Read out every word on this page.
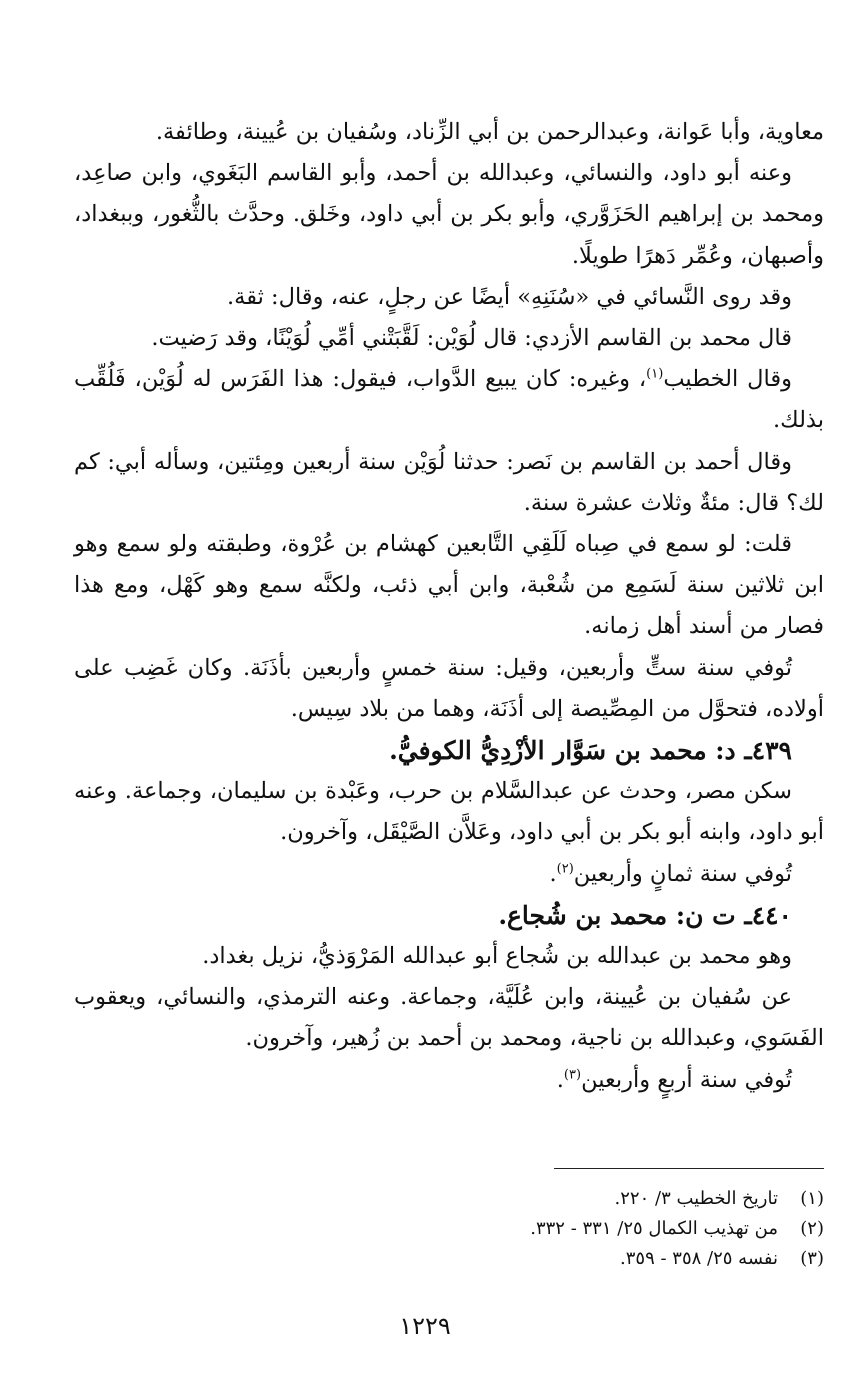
معاوية، وأبا عَوانة، وعبدالرحمن بن أبي الزِّناد، وسُفيان بن عُيينة، وطائفة.

وعنه أبو داود، والنسائي، وعبدالله بن أحمد، وأبو القاسم البَغَوي، وابن صاعِد، ومحمد بن إبراهيم الحَزَوَّري، وأبو بكر بن أبي داود، وخَلق. وحدَّث بالثُّغور، وببغداد، وأصبهان، وعُمِّر دَهرًا طويلًا.

وقد روى النَّسائي في «سُنَنِهِ» أيضًا عن رجلٍ، عنه، وقال: ثقة.

قال محمد بن القاسم الأزدي: قال لُوَيْن: لَقَّبَتْني أمِّي لُوَيْنًا، وقد رَضيت.

وقال الخطيب$^{(١)}$، وغيره: كان يبيع الدَّواب، فيقول: هذا الفَرَس له لُوَيْن، فَلُقِّب بذلك.

وقال أحمد بن القاسم بن نَصر: حدثنا لُوَيْن سنة أربعين ومِئتين، وسأله أبي: كم لك؟ قال: مئةٌ وثلاث عشرة سنة.

قلت: لو سمع في صِباه لَلَقِي التَّابعين كهشام بن عُرْوة، وطبقته ولو سمع وهو ابن ثلاثين سنة لَسَمِع من شُعْبة، وابن أبي ذئب، ولكنَّه سمع وهو كَهْل، ومع هذا فصار من أسند أهل زمانه.

تُوفي سنة ستٍّ وأربعين، وقيل: سنة خمسٍ وأربعين بأذَنَة. وكان غَضِب على أولاده، فتحوَّل من المِصِّيصة إلى أذَنَة، وهما من بلاد سِيس.

٤٣٩ـ د: محمد بن سَوَّار الأزْدِيُّ الكوفيُّ.

سكن مصر، وحدث عن عبدالسَّلام بن حرب، وعَبْدة بن سليمان، وجماعة. وعنه أبو داود، وابنه أبو بكر بن أبي داود، وعَلاَّن الصَّيْقَل، وآخرون.

تُوفي سنة ثمانٍ وأربعين$^{(٢)}$.

٤٤٠ـ ت ن: محمد بن شُجاع.

وهو محمد بن عبدالله بن شُجاع أبو عبدالله المَرْوَذيُّ، نزيل بغداد.

عن سُفيان بن عُيينة، وابن عُلَيَّة، وجماعة. وعنه الترمذي، والنسائي، ويعقوب الفَسَوي، وعبدالله بن ناجية، ومحمد بن أحمد بن زُهير، وآخرون.

تُوفي سنة أربعٍ وأربعين$^{(٣)}$.

(١)
تاريخ الخطيب ٣/ ٢٢٠.
(٢)
من تهذيب الكمال ٢٥/ ٣٣١ - ٣٣٢.
(٣)
نفسه ٢٥/ ٣٥٨ - ٣٥٩.
١٢٢٩
